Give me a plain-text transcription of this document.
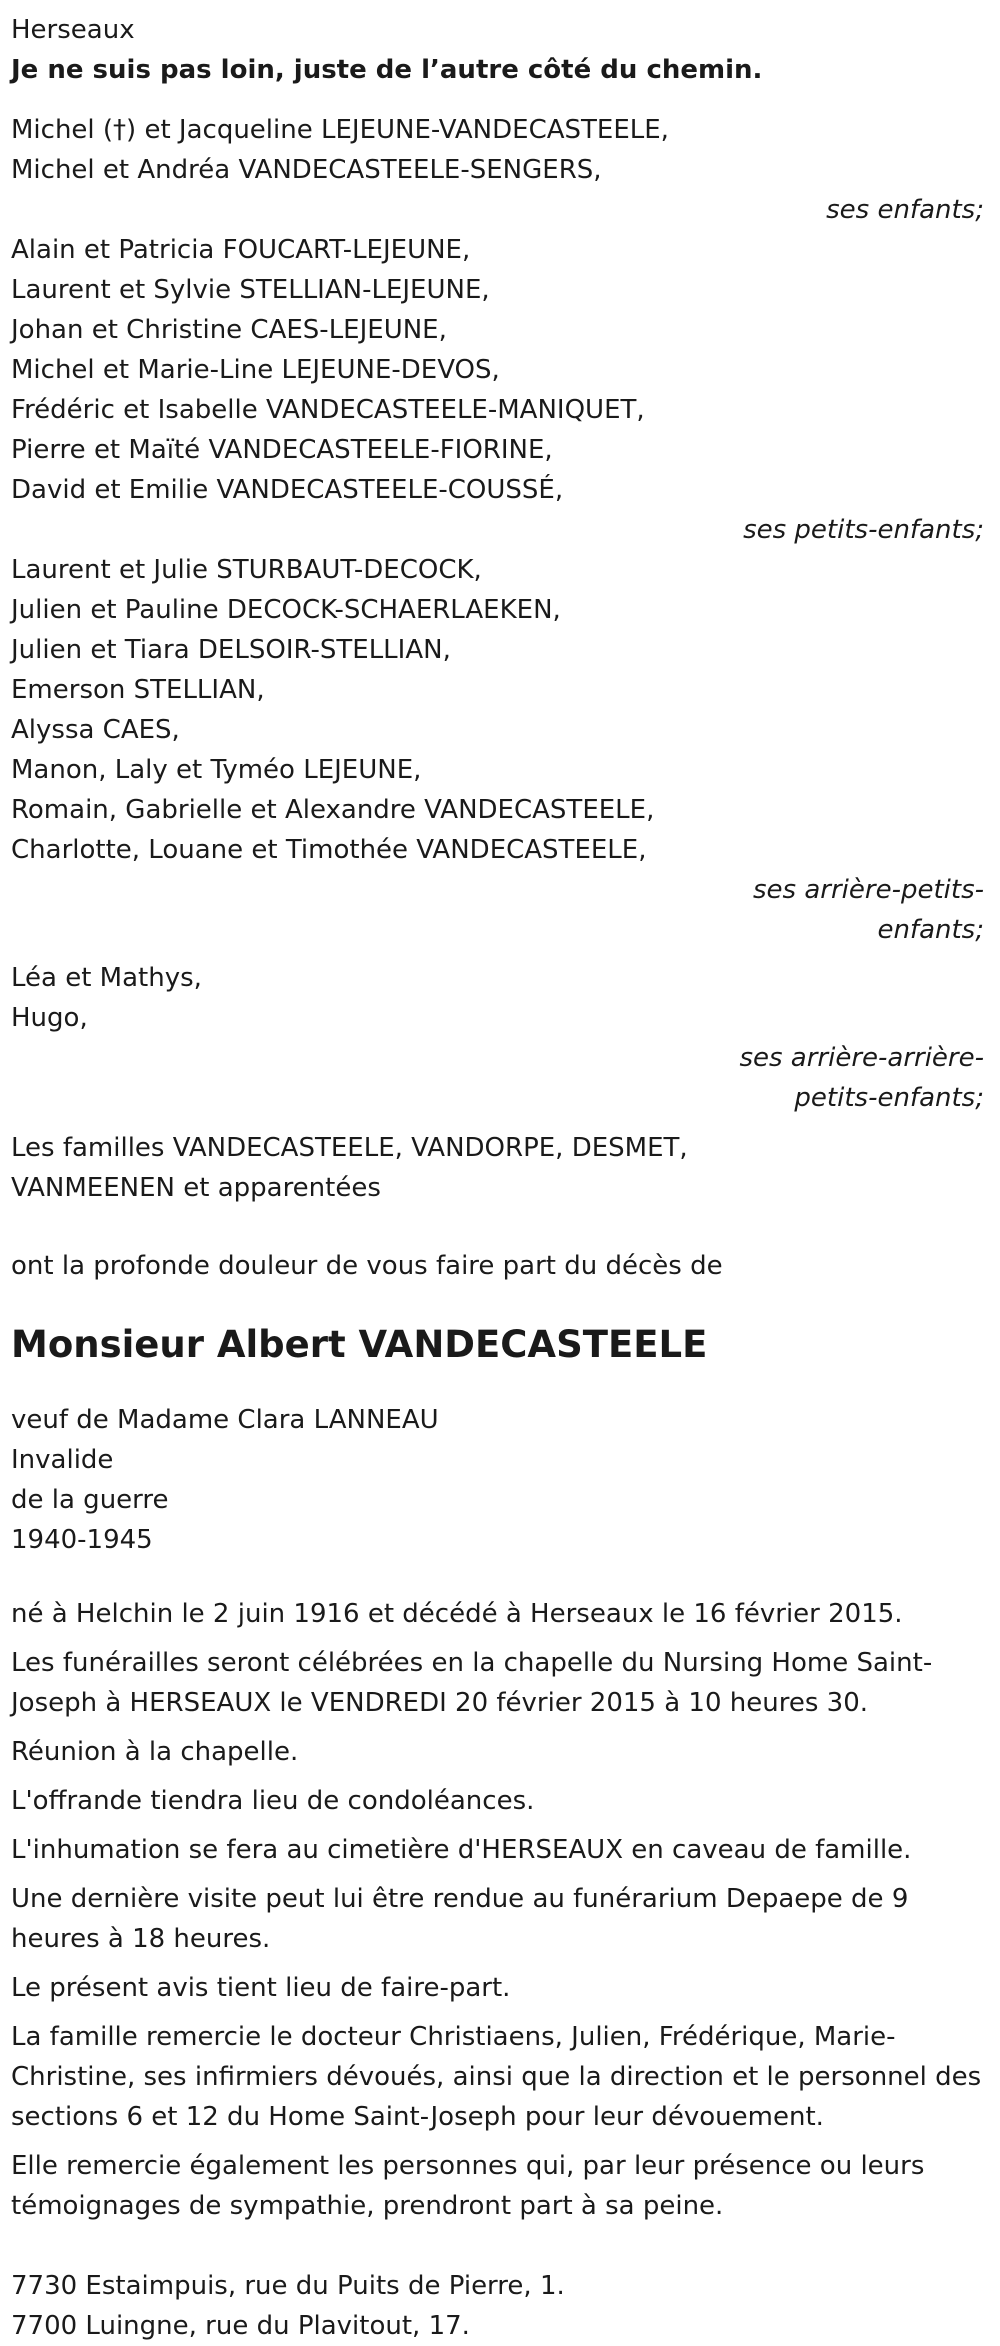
Herseaux

Je ne suis pas loin, juste de l’autre côté du chemin.

Michel (†) et Jacqueline LEJEUNE-VANDECASTEELE,

Michel et Andréa VANDECASTEELE-SENGERS,

ses enfants;

Alain et Patricia FOUCART-LEJEUNE,

Laurent et Sylvie STELLIAN-LEJEUNE,

Johan et Christine CAES-LEJEUNE,

Michel et Marie-Line LEJEUNE-DEVOS,

Frédéric et Isabelle VANDECASTEELE-MANIQUET,

Pierre et Maïté VANDECASTEELE-FIORINE,

David et Emilie VANDECASTEELE-COUSSÉ,

ses petits-enfants;

Laurent et Julie STURBAUT-DECOCK,

Julien et Pauline DECOCK-SCHAERLAEKEN,

Julien et Tiara DELSOIR-STELLIAN,

Emerson STELLIAN,

Alyssa CAES,

Manon, Laly et Tyméo LEJEUNE,

Romain, Gabrielle et Alexandre VANDECASTEELE,

Charlotte, Louane et Timothée VANDECASTEELE,

ses arrière-petits-

enfants;

Léa et Mathys,

Hugo,

ses arrière-arrière-

petits-enfants;

Les familles VANDECASTEELE, VANDORPE, DESMET,

VANMEENEN et apparentées

ont la profonde douleur de vous faire part du décès de

Monsieur Albert VANDECASTEELE

veuf de Madame Clara LANNEAU

Invalide

de la guerre

1940-1945

né à Helchin le 2 juin 1916 et décédé à Herseaux le 16 février 2015.

Les funérailles seront célébrées en la chapelle du Nursing Home Saint-Joseph à HERSEAUX le VENDREDI 20 février 2015 à 10 heures 30.

Réunion à la chapelle.

L'offrande tiendra lieu de condoléances.

L'inhumation se fera au cimetière d'HERSEAUX en caveau de famille.

Une dernière visite peut lui être rendue au funérarium Depaepe de 9 heures à 18 heures.

Le présent avis tient lieu de faire-part.

La famille remercie le docteur Christiaens, Julien, Frédérique, Marie-Christine, ses infirmiers dévoués, ainsi que la direction et le personnel des sections 6 et 12 du Home Saint-Joseph pour leur dévouement.

Elle remercie également les personnes qui, par leur présence ou leurs témoignages de sympathie, prendront part à sa peine.

7730 Estaimpuis, rue du Puits de Pierre, 1.

7700 Luingne, rue du Plavitout, 17.
